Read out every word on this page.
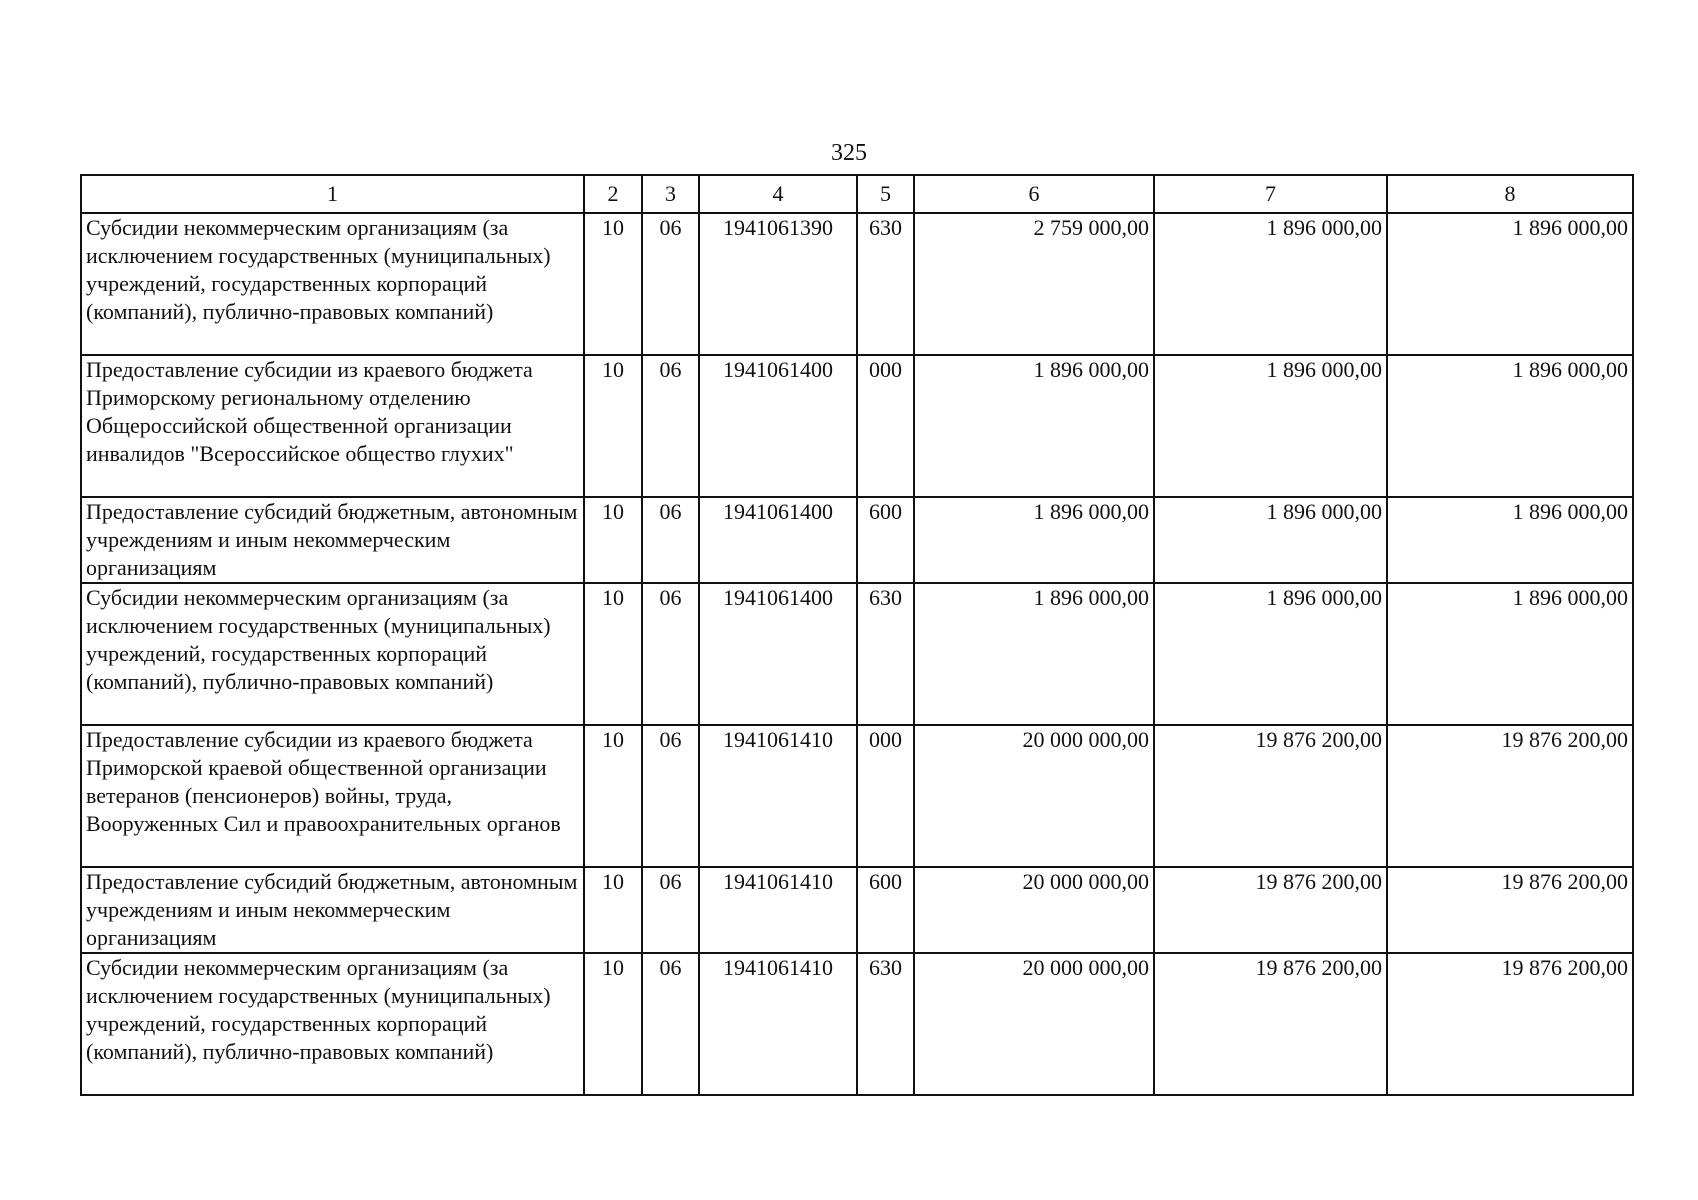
325
1	2	3	4	5	6	7	8
Субсидии некоммерческим организациям (за исключением государственных (муниципальных) учреждений, государственных корпораций (компаний), публично-правовых компаний)	10	06	1941061390	630	2 759 000,00	1 896 000,00	1 896 000,00
Предоставление субсидии из краевого бюджета Приморскому региональному отделению Общероссийской общественной организации инвалидов "Всероссийское общество глухих"	10	06	1941061400	000	1 896 000,00	1 896 000,00	1 896 000,00
Предоставление субсидий бюджетным, автономным учреждениям и иным некоммерческим организациям	10	06	1941061400	600	1 896 000,00	1 896 000,00	1 896 000,00
Субсидии некоммерческим организациям (за исключением государственных (муниципальных) учреждений, государственных корпораций (компаний), публично-правовых компаний)	10	06	1941061400	630	1 896 000,00	1 896 000,00	1 896 000,00
Предоставление субсидии из краевого бюджета Приморской краевой общественной организации ветеранов (пенсионеров) войны, труда, Вооруженных Сил и правоохранительных органов	10	06	1941061410	000	20 000 000,00	19 876 200,00	19 876 200,00
Предоставление субсидий бюджетным, автономным учреждениям и иным некоммерческим организациям	10	06	1941061410	600	20 000 000,00	19 876 200,00	19 876 200,00
Субсидии некоммерческим организациям (за исключением государственных (муниципальных) учреждений, государственных корпораций (компаний), публично-правовых компаний)	10	06	1941061410	630	20 000 000,00	19 876 200,00	19 876 200,00
